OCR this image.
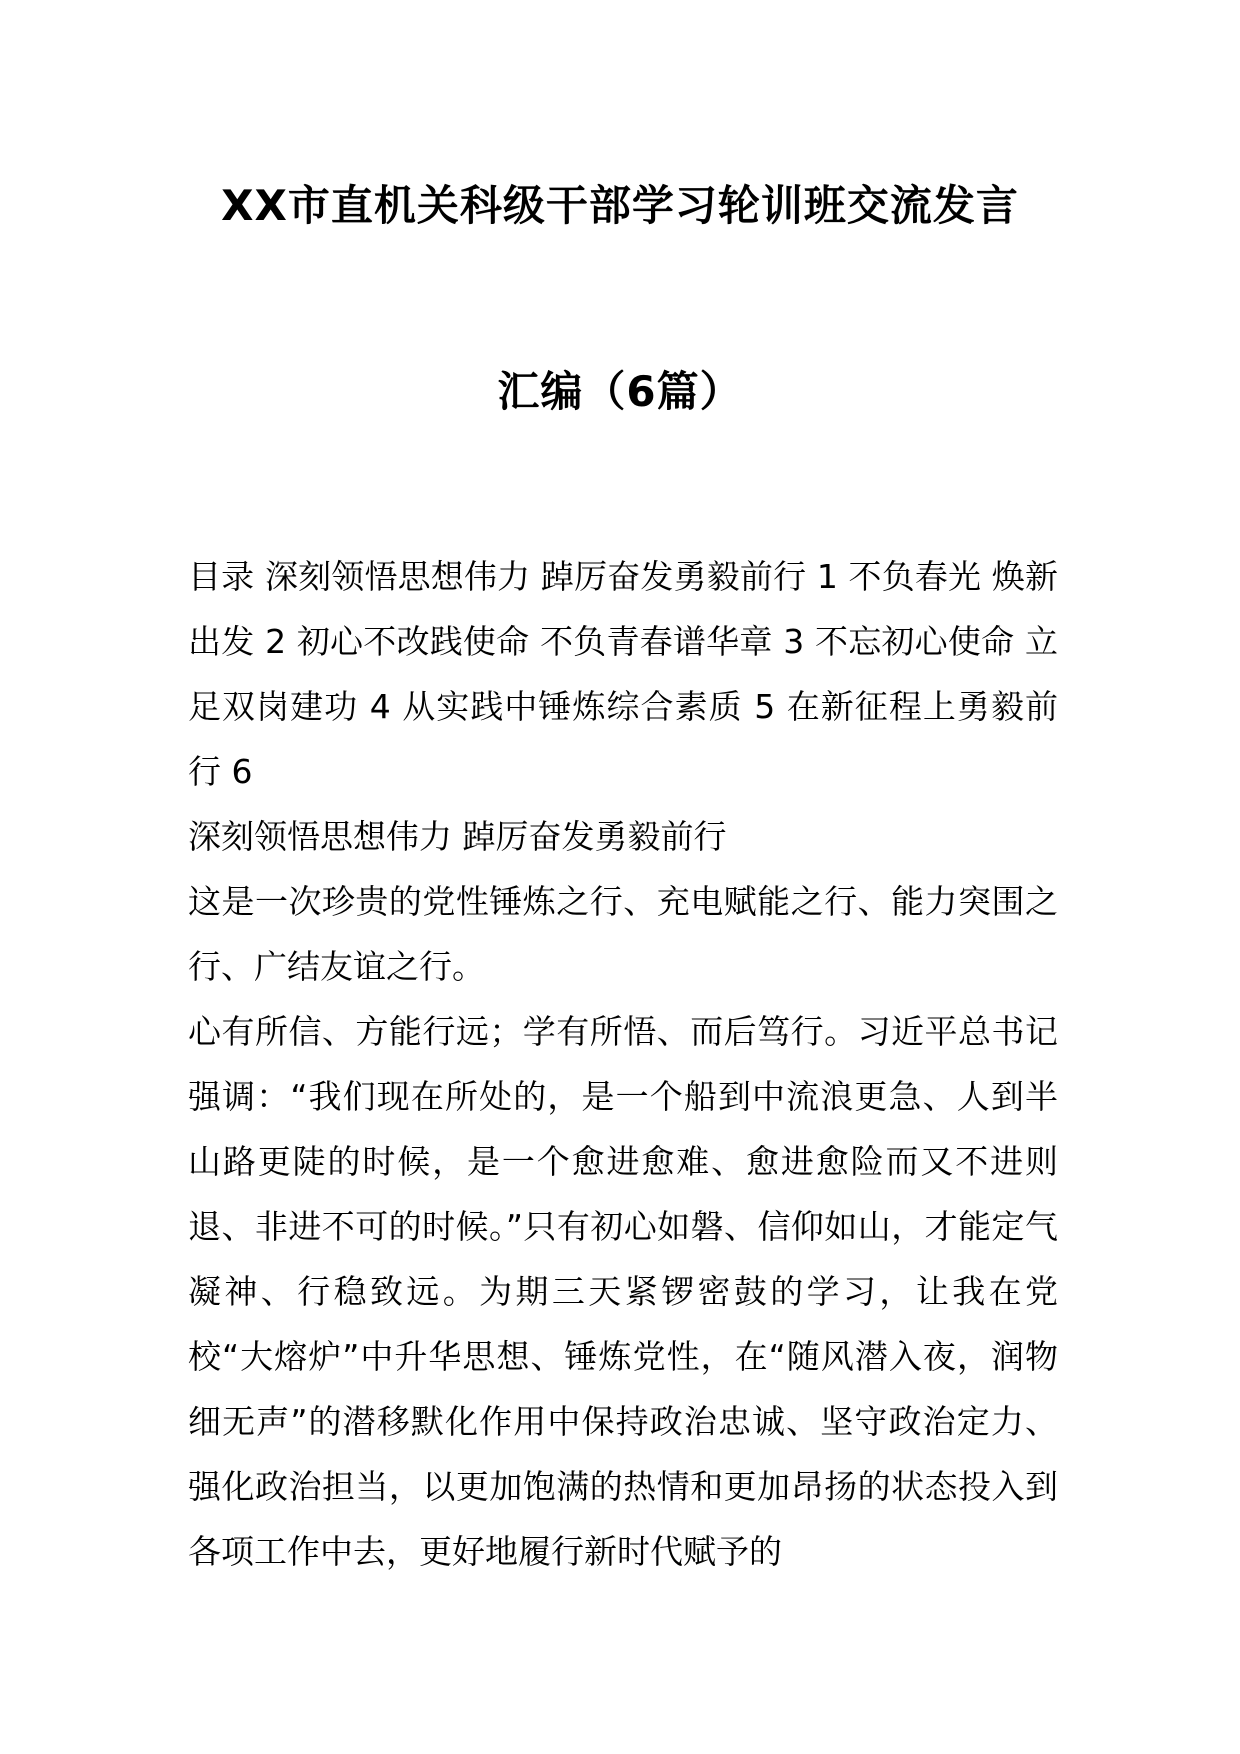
XX市直机关科级干部学习轮训班交流发言
汇编（6篇）

目录 深刻领悟思想伟力 踔厉奋发勇毅前行 1 不负春光 焕新出发 2 初心不改践使命 不负青春谱华章 3 不忘初心使命 立足双岗建功 4 从实践中锤炼综合素质 5 在新征程上勇毅前行 6

深刻领悟思想伟力 踔厉奋发勇毅前行

这是一次珍贵的党性锤炼之行、充电赋能之行、能力突围之行、广结友谊之行。

心有所信、方能行远；学有所悟、而后笃行。习近平总书记强调：“我们现在所处的，是一个船到中流浪更急、人到半山路更陡的时候，是一个愈进愈难、愈进愈险而又不进则退、非进不可的时候。”只有初心如磐、信仰如山，才能定气凝神、行稳致远。为期三天紧锣密鼓的学习，让我在党校“大熔炉”中升华思想、锤炼党性，在“随风潜入夜，润物细无声”的潜移默化作用中保持政治忠诚、坚守政治定力、强化政治担当，以更加饱满的热情和更加昂扬的状态投入到各项工作中去，更好地履行新时代赋予的
